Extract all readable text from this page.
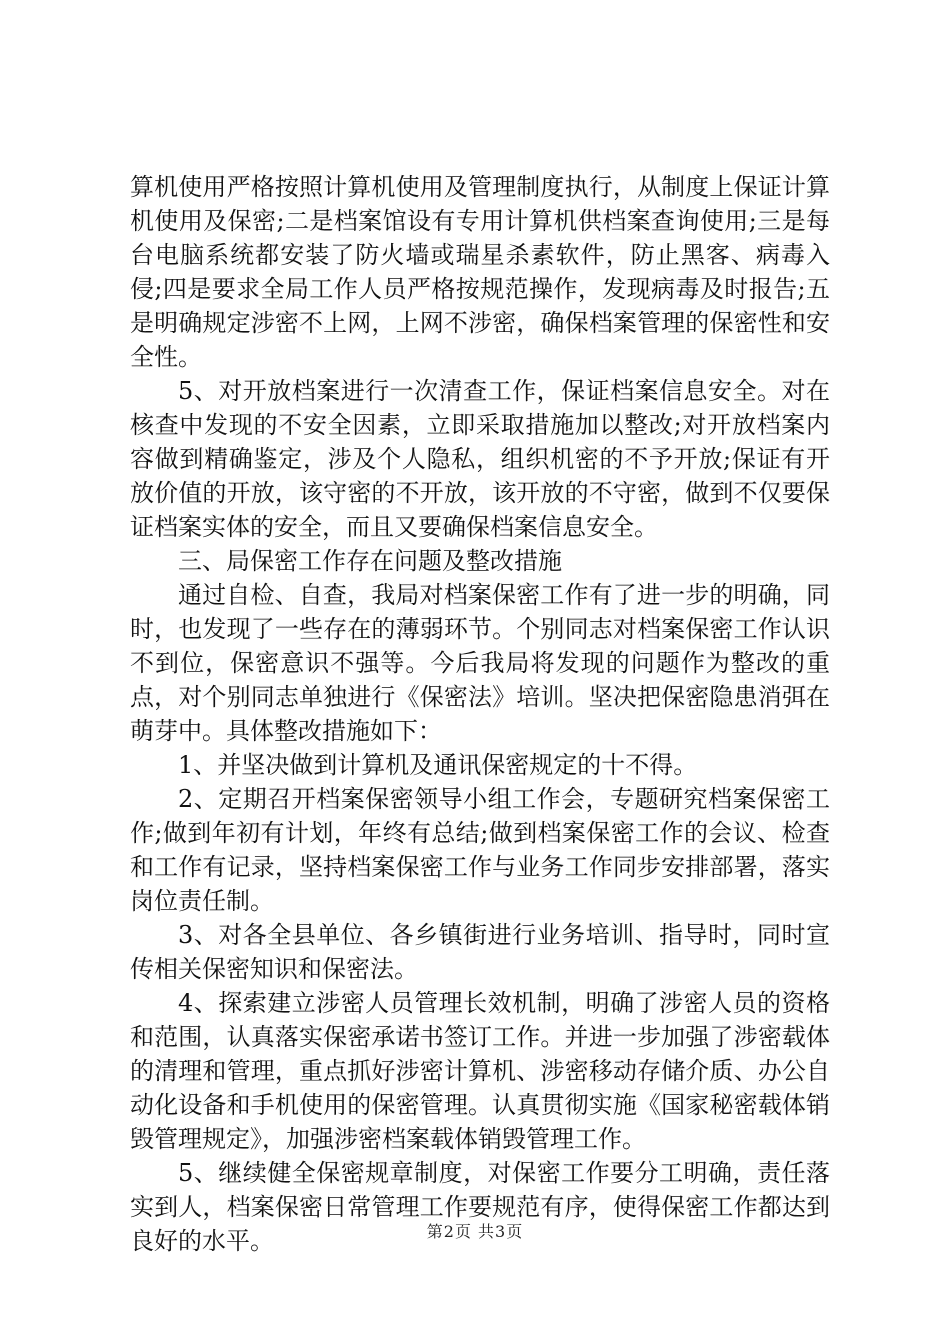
算机使用严格按照计算机使用及管理制度执行，从制度上保证计算机使用及保密;二是档案馆设有专用计算机供档案查询使用;三是每台电脑系统都安装了防火墙或瑞星杀素软件，防止黑客、病毒入侵;四是要求全局工作人员严格按规范操作，发现病毒及时报告;五是明确规定涉密不上网，上网不涉密，确保档案管理的保密性和安全性。

5、对开放档案进行一次清查工作，保证档案信息安全。对在核查中发现的不安全因素，立即采取措施加以整改;对开放档案内容做到精确鉴定，涉及个人隐私，组织机密的不予开放;保证有开放价值的开放，该守密的不开放，该开放的不守密，做到不仅要保证档案实体的安全，而且又要确保档案信息安全。

三、局保密工作存在问题及整改措施

通过自检、自查，我局对档案保密工作有了进一步的明确，同时，也发现了一些存在的薄弱环节。个别同志对档案保密工作认识不到位，保密意识不强等。今后我局将发现的问题作为整改的重点，对个别同志单独进行《保密法》培训。坚决把保密隐患消弭在萌芽中。具体整改措施如下：

1、并坚决做到计算机及通讯保密规定的十不得。

2、定期召开档案保密领导小组工作会，专题研究档案保密工作;做到年初有计划，年终有总结;做到档案保密工作的会议、检查和工作有记录，坚持档案保密工作与业务工作同步安排部署，落实岗位责任制。

3、对各全县单位、各乡镇街进行业务培训、指导时，同时宣传相关保密知识和保密法。

4、探索建立涉密人员管理长效机制，明确了涉密人员的资格和范围，认真落实保密承诺书签订工作。并进一步加强了涉密载体的清理和管理，重点抓好涉密计算机、涉密移动存储介质、办公自动化设备和手机使用的保密管理。认真贯彻实施《国家秘密载体销毁管理规定》，加强涉密档案载体销毁管理工作。

5、继续健全保密规章制度，对保密工作要分工明确，责任落实到人，档案保密日常管理工作要规范有序，使得保密工作都达到良好的水平。	第2页 共3页
